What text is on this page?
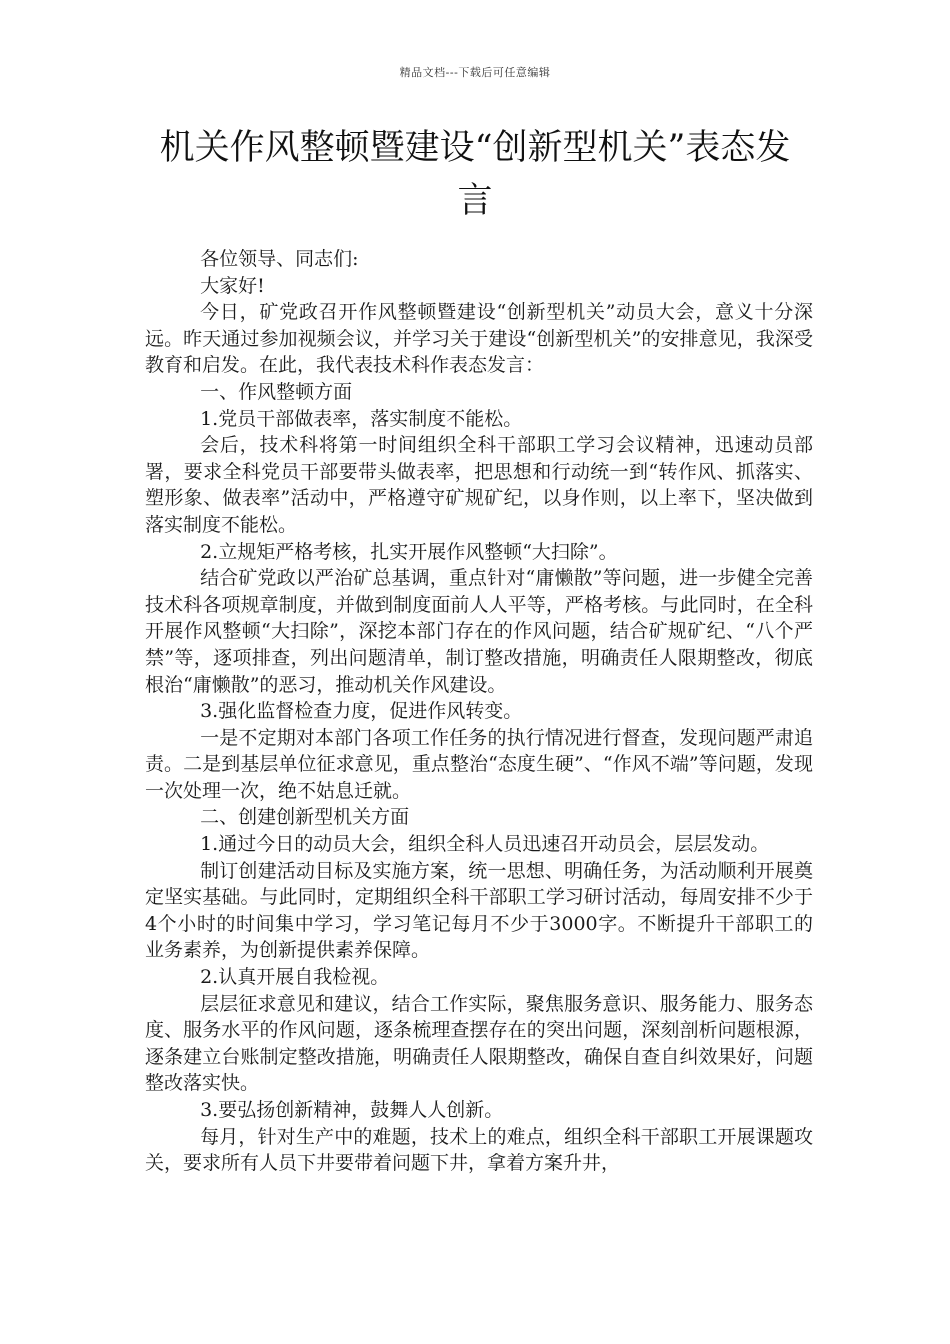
精品文档---下载后可任意编辑
机关作风整顿暨建设“创新型机关”表态发言

各位领导、同志们:

大家好!

今日，矿党政召开作风整顿暨建设“创新型机关”动员大会，意义十分深远。昨天通过参加视频会议，并学习关于建设“创新型机关”的安排意见，我深受教育和启发。在此，我代表技术科作表态发言：

一、作风整顿方面

1.党员干部做表率，落实制度不能松。

会后，技术科将第一时间组织全科干部职工学习会议精神，迅速动员部署，要求全科党员干部要带头做表率，把思想和行动统一到“转作风、抓落实、塑形象、做表率”活动中，严格遵守矿规矿纪，以身作则，以上率下，坚决做到落实制度不能松。

2.立规矩严格考核，扎实开展作风整顿“大扫除”。

结合矿党政以严治矿总基调，重点针对“庸懒散”等问题，进一步健全完善技术科各项规章制度，并做到制度面前人人平等，严格考核。与此同时，在全科开展作风整顿“大扫除”，深挖本部门存在的作风问题，结合矿规矿纪、“八个严禁”等，逐项排查，列出问题清单，制订整改措施，明确责任人限期整改，彻底根治“庸懒散”的恶习，推动机关作风建设。

3.强化监督检查力度，促进作风转变。

一是不定期对本部门各项工作任务的执行情况进行督查，发现问题严肃追责。二是到基层单位征求意见，重点整治“态度生硬”、“作风不端”等问题，发现一次处理一次，绝不姑息迁就。

二、创建创新型机关方面

1.通过今日的动员大会，组织全科人员迅速召开动员会，层层发动。

制订创建活动目标及实施方案，统一思想、明确任务，为活动顺利开展奠定坚实基础。与此同时，定期组织全科干部职工学习研讨活动，每周安排不少于4个小时的时间集中学习，学习笔记每月不少于3000字。不断提升干部职工的业务素养，为创新提供素养保障。

2.认真开展自我检视。

层层征求意见和建议，结合工作实际，聚焦服务意识、服务能力、服务态度、服务水平的作风问题，逐条梳理查摆存在的突出问题，深刻剖析问题根源，逐条建立台账制定整改措施，明确责任人限期整改，确保自查自纠效果好，问题整改落实快。

3.要弘扬创新精神，鼓舞人人创新。

每月，针对生产中的难题，技术上的难点，组织全科干部职工开展课题攻关，要求所有人员下井要带着问题下井，拿着方案升井，
